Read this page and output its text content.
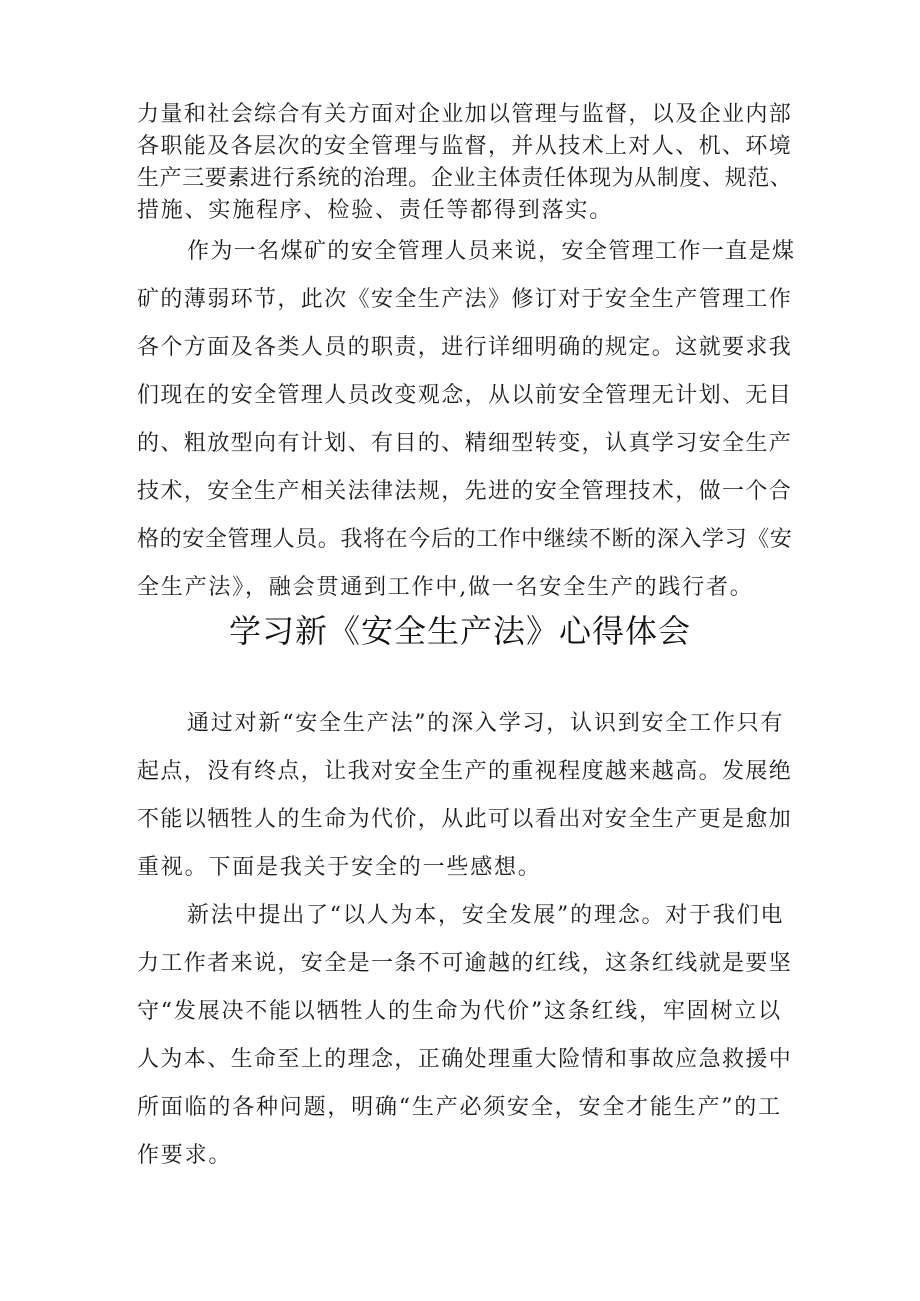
力量和社会综合有关方面对企业加以管理与监督，以及企业内部
各职能及各层次的安全管理与监督，并从技术上对人、机、环境
生产三要素进行系统的治理。企业主体责任体现为从制度、规范、
措施、实施程序、检验、责任等都得到落实。
作为一名煤矿的安全管理人员来说，安全管理工作一直是煤
矿的薄弱环节，此次《安全生产法》修订对于安全生产管理工作
各个方面及各类人员的职责，进行详细明确的规定。这就要求我
们现在的安全管理人员改变观念，从以前安全管理无计划、无目
的、粗放型向有计划、有目的、精细型转变，认真学习安全生产
技术，安全生产相关法律法规，先进的安全管理技术，做一个合
格的安全管理人员。我将在今后的工作中继续不断的深入学习《安
全生产法》，融会贯通到工作中,做一名安全生产的践行者。
学习新《安全生产法》心得体会
通过对新“安全生产法”的深入学习，认识到安全工作只有
起点，没有终点，让我对安全生产的重视程度越来越高。发展绝
不能以牺牲人的生命为代价，从此可以看出对安全生产更是愈加
重视。下面是我关于安全的一些感想。
新法中提出了“以人为本，安全发展”的理念。对于我们电
力工作者来说，安全是一条不可逾越的红线，这条红线就是要坚
守“发展决不能以牺牲人的生命为代价”这条红线，牢固树立以
人为本、生命至上的理念，正确处理重大险情和事故应急救援中
所面临的各种问题，明确“生产必须安全，安全才能生产”的工
作要求。
